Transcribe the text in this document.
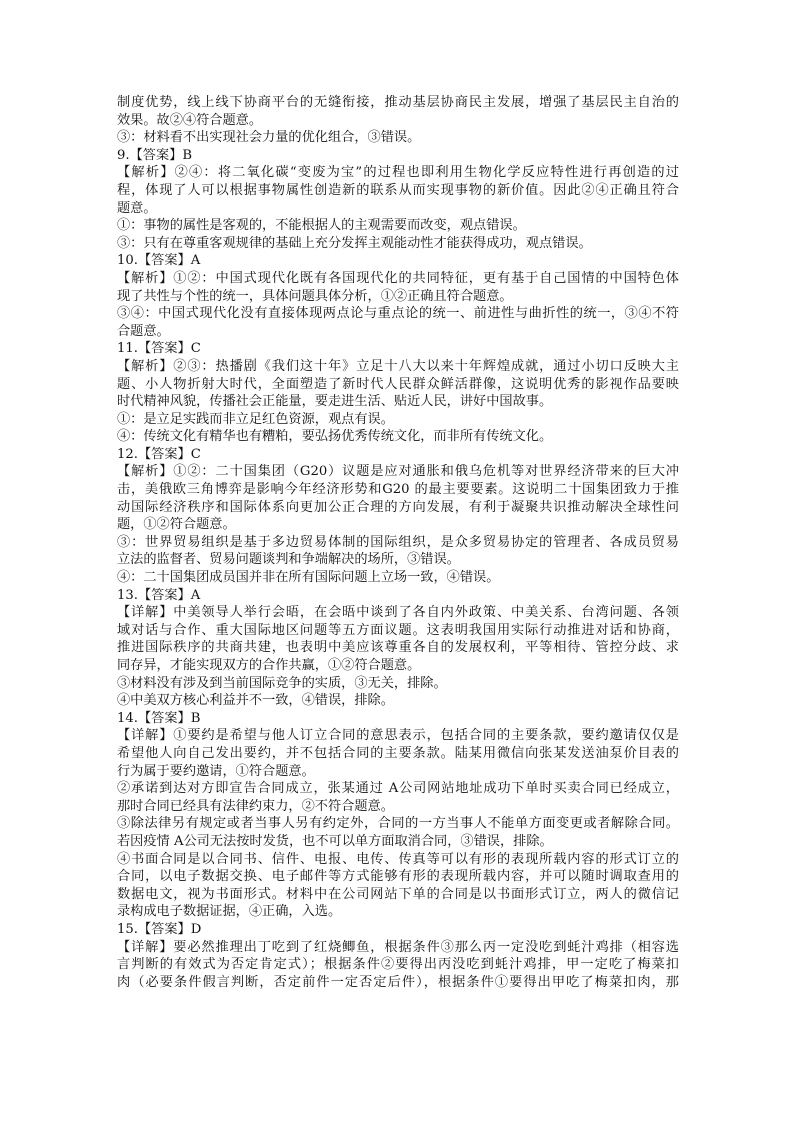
制度优势，线上线下协商平台的无缝衔接，推动基层协商民主发展，增强了基层民主自治的
效果。故②④符合题意。
③：材料看不出实现社会力量的优化组合，③错误。
9.【答案】B
【解析】②④：将二氧化碳“变废为宝”的过程也即利用生物化学反应特性进行再创造的过
程，体现了人可以根据事物属性创造新的联系从而实现事物的新价值。因此②④正确且符合
题意。
①：事物的属性是客观的，不能根据人的主观需要而改变，观点错误。
③：只有在尊重客观规律的基础上充分发挥主观能动性才能获得成功，观点错误。
10.【答案】A
【解析】①②：中国式现代化既有各国现代化的共同特征，更有基于自己国情的中国特色体
现了共性与个性的统一，具体问题具体分析，①②正确且符合题意。
③④：中国式现代化没有直接体现两点论与重点论的统一、前进性与曲折性的统一，③④不符
合题意。
11.【答案】C
【解析】②③：热播剧《我们这十年》立足十八大以来十年辉煌成就，通过小切口反映大主
题、小人物折射大时代，全面塑造了新时代人民群众鲜活群像，这说明优秀的影视作品要映
时代精神风貌，传播社会正能量，要走进生活、贴近人民，讲好中国故事。
①：是立足实践而非立足红色资源，观点有误。
④：传统文化有精华也有糟粕，要弘扬优秀传统文化，而非所有传统文化。
12.【答案】C
【解析】①②：二十国集团（G20）议题是应对通胀和俄乌危机等对世界经济带来的巨大冲
击，美俄欧三角博弈是影响今年经济形势和G20 的最主要要素。这说明二十国集团致力于推
动国际经济秩序和国际体系向更加公正合理的方向发展，有利于凝聚共识推动解决全球性问
题，①②符合题意。
③：世界贸易组织是基于多边贸易体制的国际组织，是众多贸易协定的管理者、各成员贸易
立法的监督者、贸易问题谈判和争端解决的场所，③错误。
④：二十国集团成员国并非在所有国际问题上立场一致，④错误。
13.【答案】A
【详解】中美领导人举行会晤，在会晤中谈到了各自内外政策、中美关系、台湾问题、各领
域对话与合作、重大国际地区问题等五方面议题。这表明我国用实际行动推进对话和协商，
推进国际秩序的共商共建，也表明中美应该尊重各自的发展权利，平等相待、管控分歧、求
同存异，才能实现双方的合作共赢，①②符合题意。
③材料没有涉及到当前国际竞争的实质，③无关，排除。
④中美双方核心利益并不一致，④错误，排除。
14.【答案】B
【详解】①要约是希望与他人订立合同的意思表示，包括合同的主要条款，要约邀请仅仅是
希望他人向自己发出要约，并不包括合同的主要条款。陆某用微信向张某发送油泵价目表的
行为属于要约邀请，①符合题意。
②承诺到达对方即宣告合同成立，张某通过 A公司网站地址成功下单时买卖合同已经成立，
那时合同已经具有法律约束力，②不符合题意。
③除法律另有规定或者当事人另有约定外，合同的一方当事人不能单方面变更或者解除合同。
若因疫情 A公司无法按时发货，也不可以单方面取消合同，③错误，排除。
④书面合同是以合同书、信件、电报、电传、传真等可以有形的表现所载内容的形式订立的
合同，以电子数据交换、电子邮件等方式能够有形的表现所载内容，并可以随时调取查用的
数据电文，视为书面形式。材料中在公司网站下单的合同是以书面形式订立，两人的微信记
录构成电子数据证据，④正确，入选。
15.【答案】D
【详解】要必然推理出丁吃到了红烧鲫鱼，根据条件③那么丙一定没吃到蚝汁鸡排（相容选
言判断的有效式为否定肯定式）；根据条件②要得出丙没吃到蚝汁鸡排，甲一定吃了梅菜扣
肉（必要条件假言判断，否定前件一定否定后件），根据条件①要得出甲吃了梅菜扣肉，那
